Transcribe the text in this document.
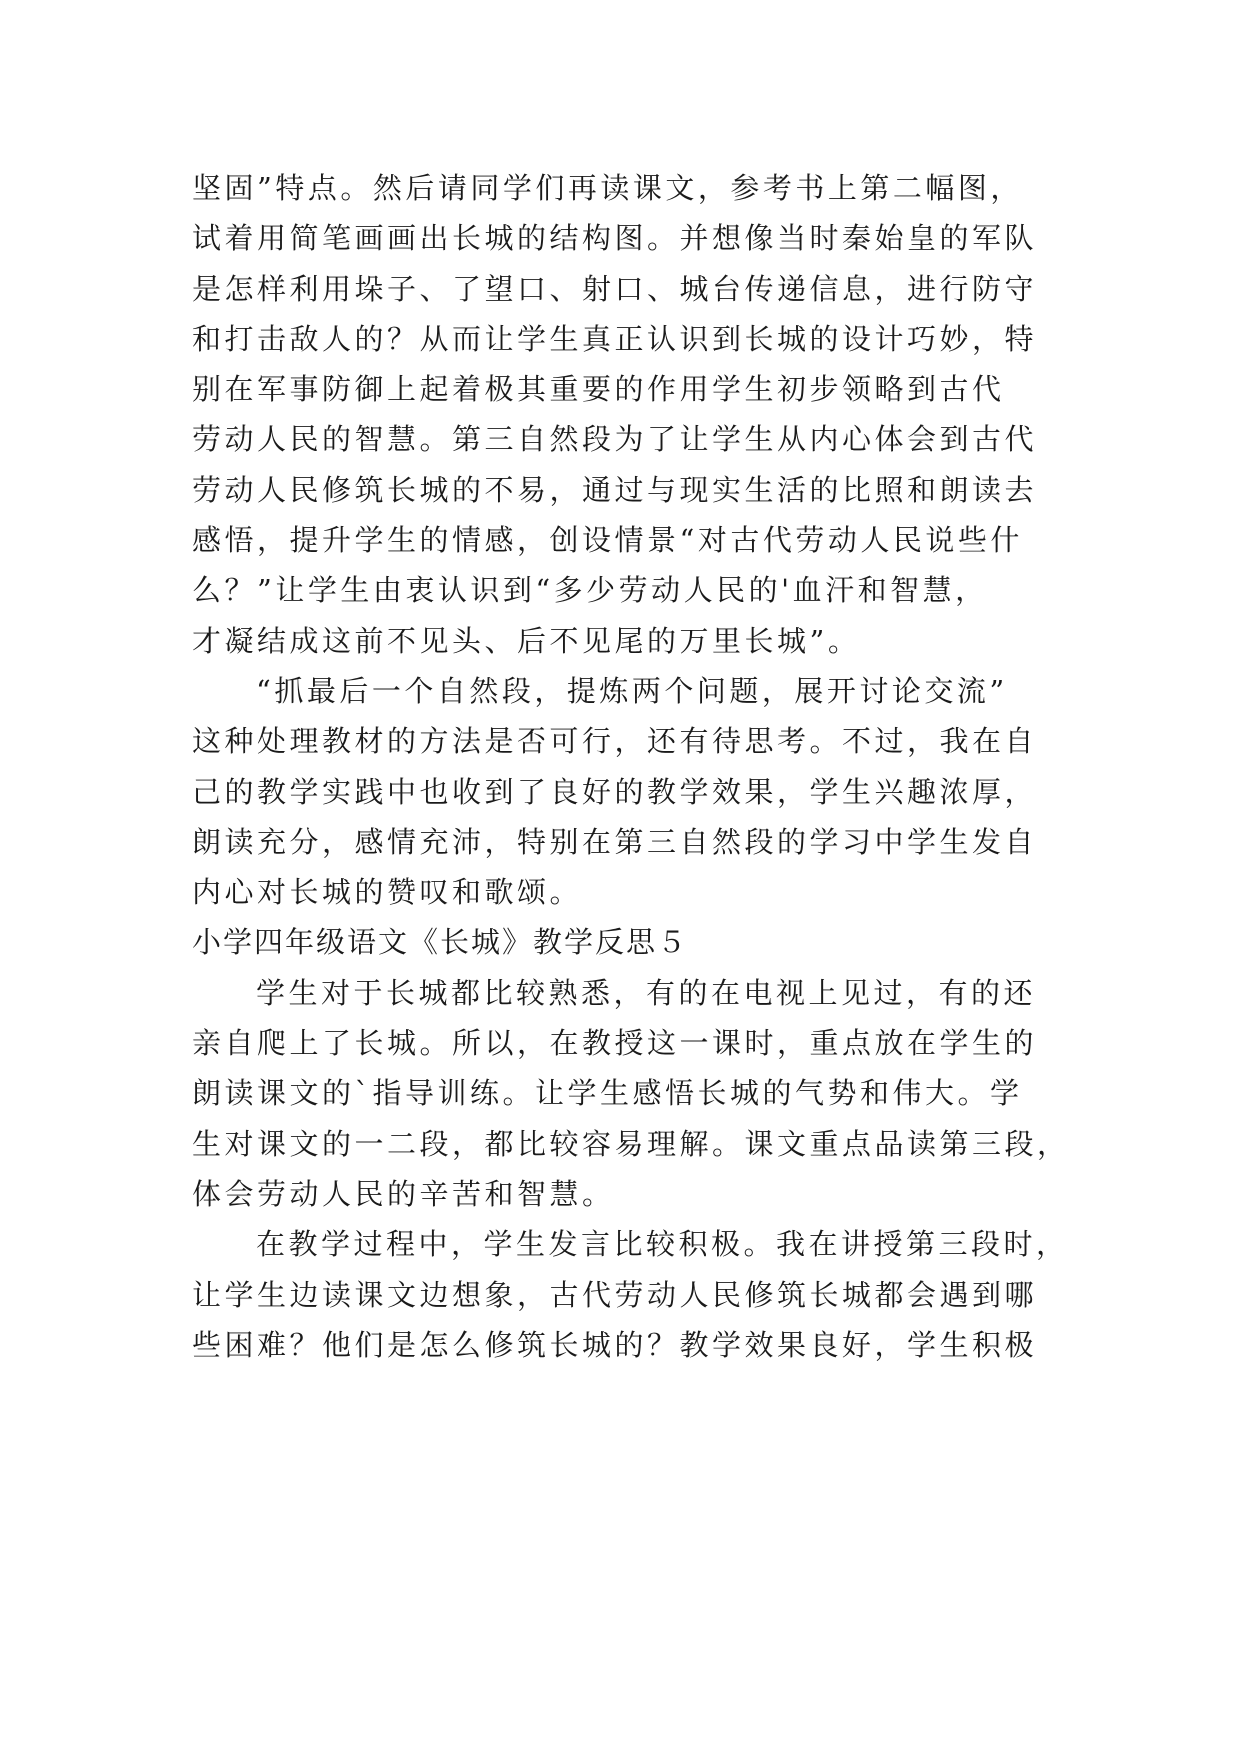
坚固”特点。然后请同学们再读课文，参考书上第二幅图，
试着用简笔画画出长城的结构图。并想像当时秦始皇的军队
是怎样利用垛子、了望口、射口、城台传递信息，进行防守
和打击敌人的？从而让学生真正认识到长城的设计巧妙，特
别在军事防御上起着极其重要的作用学生初步领略到古代
劳动人民的智慧。第三自然段为了让学生从内心体会到古代
劳动人民修筑长城的不易，通过与现实生活的比照和朗读去
感悟，提升学生的情感，创设情景“对古代劳动人民说些什
么？”让学生由衷认识到“多少劳动人民的'血汗和智慧，
才凝结成这前不见头、后不见尾的万里长城”。
“抓最后一个自然段，提炼两个问题，展开讨论交流”
这种处理教材的方法是否可行，还有待思考。不过，我在自
己的教学实践中也收到了良好的教学效果，学生兴趣浓厚，
朗读充分，感情充沛，特别在第三自然段的学习中学生发自
内心对长城的赞叹和歌颂。
小学四年级语文《长城》教学反思５
学生对于长城都比较熟悉，有的在电视上见过，有的还
亲自爬上了长城。所以，在教授这一课时，重点放在学生的
朗读课文的`指导训练。让学生感悟长城的气势和伟大。学
生对课文的一二段，都比较容易理解。课文重点品读第三段，
体会劳动人民的辛苦和智慧。
在教学过程中，学生发言比较积极。我在讲授第三段时，
让学生边读课文边想象，古代劳动人民修筑长城都会遇到哪
些困难？他们是怎么修筑长城的？教学效果良好，学生积极
